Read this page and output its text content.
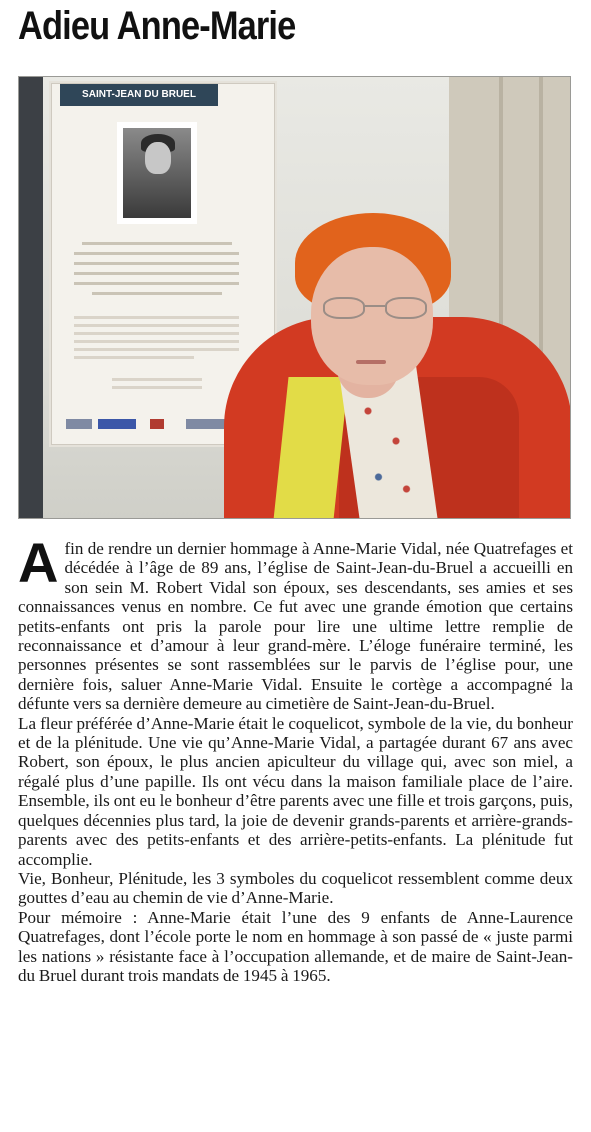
Adieu Anne-Marie
SAINT-JEAN DU BRUEL
A fin de rendre un dernier hommage à Anne-Marie Vidal, née Quatrefages et décédée à l’âge de 89 ans, l’église de Saint-Jean-du-Bruel a accueilli en son sein M. Robert Vidal son époux, ses descendants, ses amies et ses connaissances venus en nombre. Ce fut avec une grande émotion que certains petits-enfants ont pris la parole pour lire une ultime lettre remplie de reconnaissance et d’amour à leur grand-mère. L’éloge funéraire terminé, les personnes présentes se sont rassemblées sur le parvis de l’église pour, une dernière fois, saluer Anne-Marie Vidal. Ensuite le cortège a accompagné la défunte vers sa dernière demeure au cimetière de Saint-Jean-du-Bruel.

La fleur préférée d’Anne-Marie était le coquelicot, symbole de la vie, du bonheur et de la plénitude. Une vie qu’Anne-Marie Vidal, a partagée durant 67 ans avec Robert, son époux, le plus ancien apiculteur du village qui, avec son miel, a régalé plus d’une papille. Ils ont vécu dans la maison familiale place de l’aire. Ensemble, ils ont eu le bonheur d’être parents avec une fille et trois garçons, puis, quelques décennies plus tard, la joie de devenir grands-parents et arrière-grands-parents avec des petits-enfants et des arrière-petits-enfants. La plénitude fut accomplie.

Vie, Bonheur, Plénitude, les 3 symboles du coquelicot ressemblent comme deux gouttes d’eau au chemin de vie d’Anne-Marie.

Pour mémoire : Anne-Marie était l’une des 9 enfants de Anne-Laurence Quatrefages, dont l’école porte le nom en hommage à son passé de « juste parmi les nations » résistante face à l’occupation allemande, et de maire de Saint-Jean-du Bruel durant trois mandats de 1945 à 1965.
